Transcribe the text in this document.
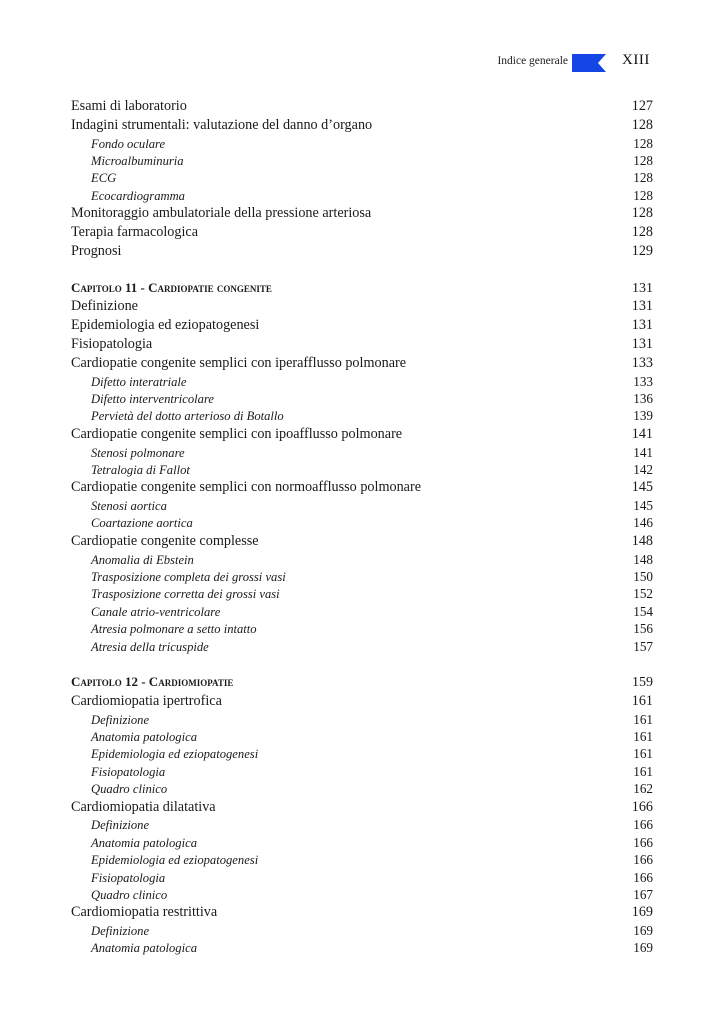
Indice generale	XIII
Esami di laboratorio	127
Indagini strumentali: valutazione del danno d’organo	128
Fondo oculare	128
Microalbuminuria	128
ECG	128
Ecocardiogramma	128
Monitoraggio ambulatoriale della pressione arteriosa	128
Terapia farmacologica	128
Prognosi	129
Capitolo 11 - Cardiopatie congenite	131
Definizione	131
Epidemiologia ed eziopatogenesi	131
Fisiopatologia	131
Cardiopatie congenite semplici con iperafflusso polmonare	133
Difetto interatriale	133
Difetto interventricolare	136
Pervietà del dotto arterioso di Botallo	139
Cardiopatie congenite semplici con ipoafflusso polmonare	141
Stenosi polmonare	141
Tetralogia di Fallot	142
Cardiopatie congenite semplici con normoafflusso polmonare	145
Stenosi aortica	145
Coartazione aortica	146
Cardiopatie congenite complesse	148
Anomalia di Ebstein	148
Trasposizione completa dei grossi vasi	150
Trasposizione corretta dei grossi vasi	152
Canale atrio-ventricolare	154
Atresia polmonare a setto intatto	156
Atresia della tricuspide	157
Capitolo 12 - Cardiomiopatie	159
Cardiomiopatia ipertrofica	161
Definizione	161
Anatomia patologica	161
Epidemiologia ed eziopatogenesi	161
Fisiopatologia	161
Quadro clinico	162
Cardiomiopatia dilatativa	166
Definizione	166
Anatomia patologica	166
Epidemiologia ed eziopatogenesi	166
Fisiopatologia	166
Quadro clinico	167
Cardiomiopatia restrittiva	169
Definizione	169
Anatomia patologica	169
